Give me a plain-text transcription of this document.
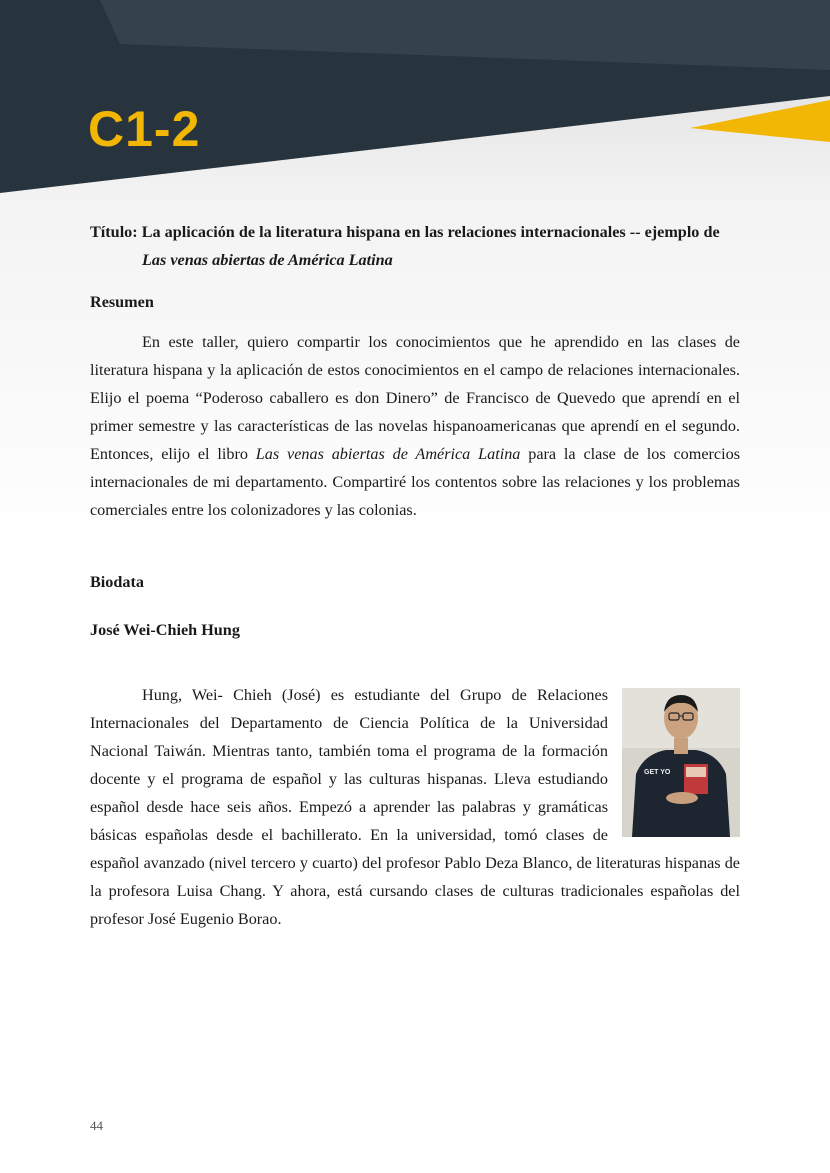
C1-2
Título: La aplicación de la literatura hispana en las relaciones internacionales -- ejemplo de
Las venas abiertas de América Latina
Resumen

En este taller, quiero compartir los conocimientos que he aprendido en las clases de literatura hispana y la aplicación de estos conocimientos en el campo de relaciones internacionales. Elijo el poema “Poderoso caballero es don Dinero” de Francisco de Quevedo que aprendí en el primer semestre y las características de las novelas hispanoamericanas que aprendí en el segundo. Entonces, elijo el libro Las venas abiertas de América Latina para la clase de los comercios internacionales de mi departamento. Compartiré los contentos sobre las relaciones y los problemas comerciales entre los colonizadores y las colonias.

Biodata
José Wei-Chieh Hung
GET YO
Hung, Wei- Chieh (José) es estudiante del Grupo de Relaciones Internacionales del Departamento de Ciencia Política de la Universidad Nacional Taiwán. Mientras tanto, también toma el programa de la formación docente y el programa de español y las culturas hispanas. Lleva estudiando español desde hace seis años. Empezó a aprender las palabras y gramáticas básicas españolas desde el bachillerato. En la universidad, tomó clases de español avanzado (nivel tercero y cuarto) del profesor Pablo Deza Blanco, de literaturas hispanas de la profesora Luisa Chang. Y ahora, está cursando clases de culturas tradicionales españolas del profesor José Eugenio Borao.

44
